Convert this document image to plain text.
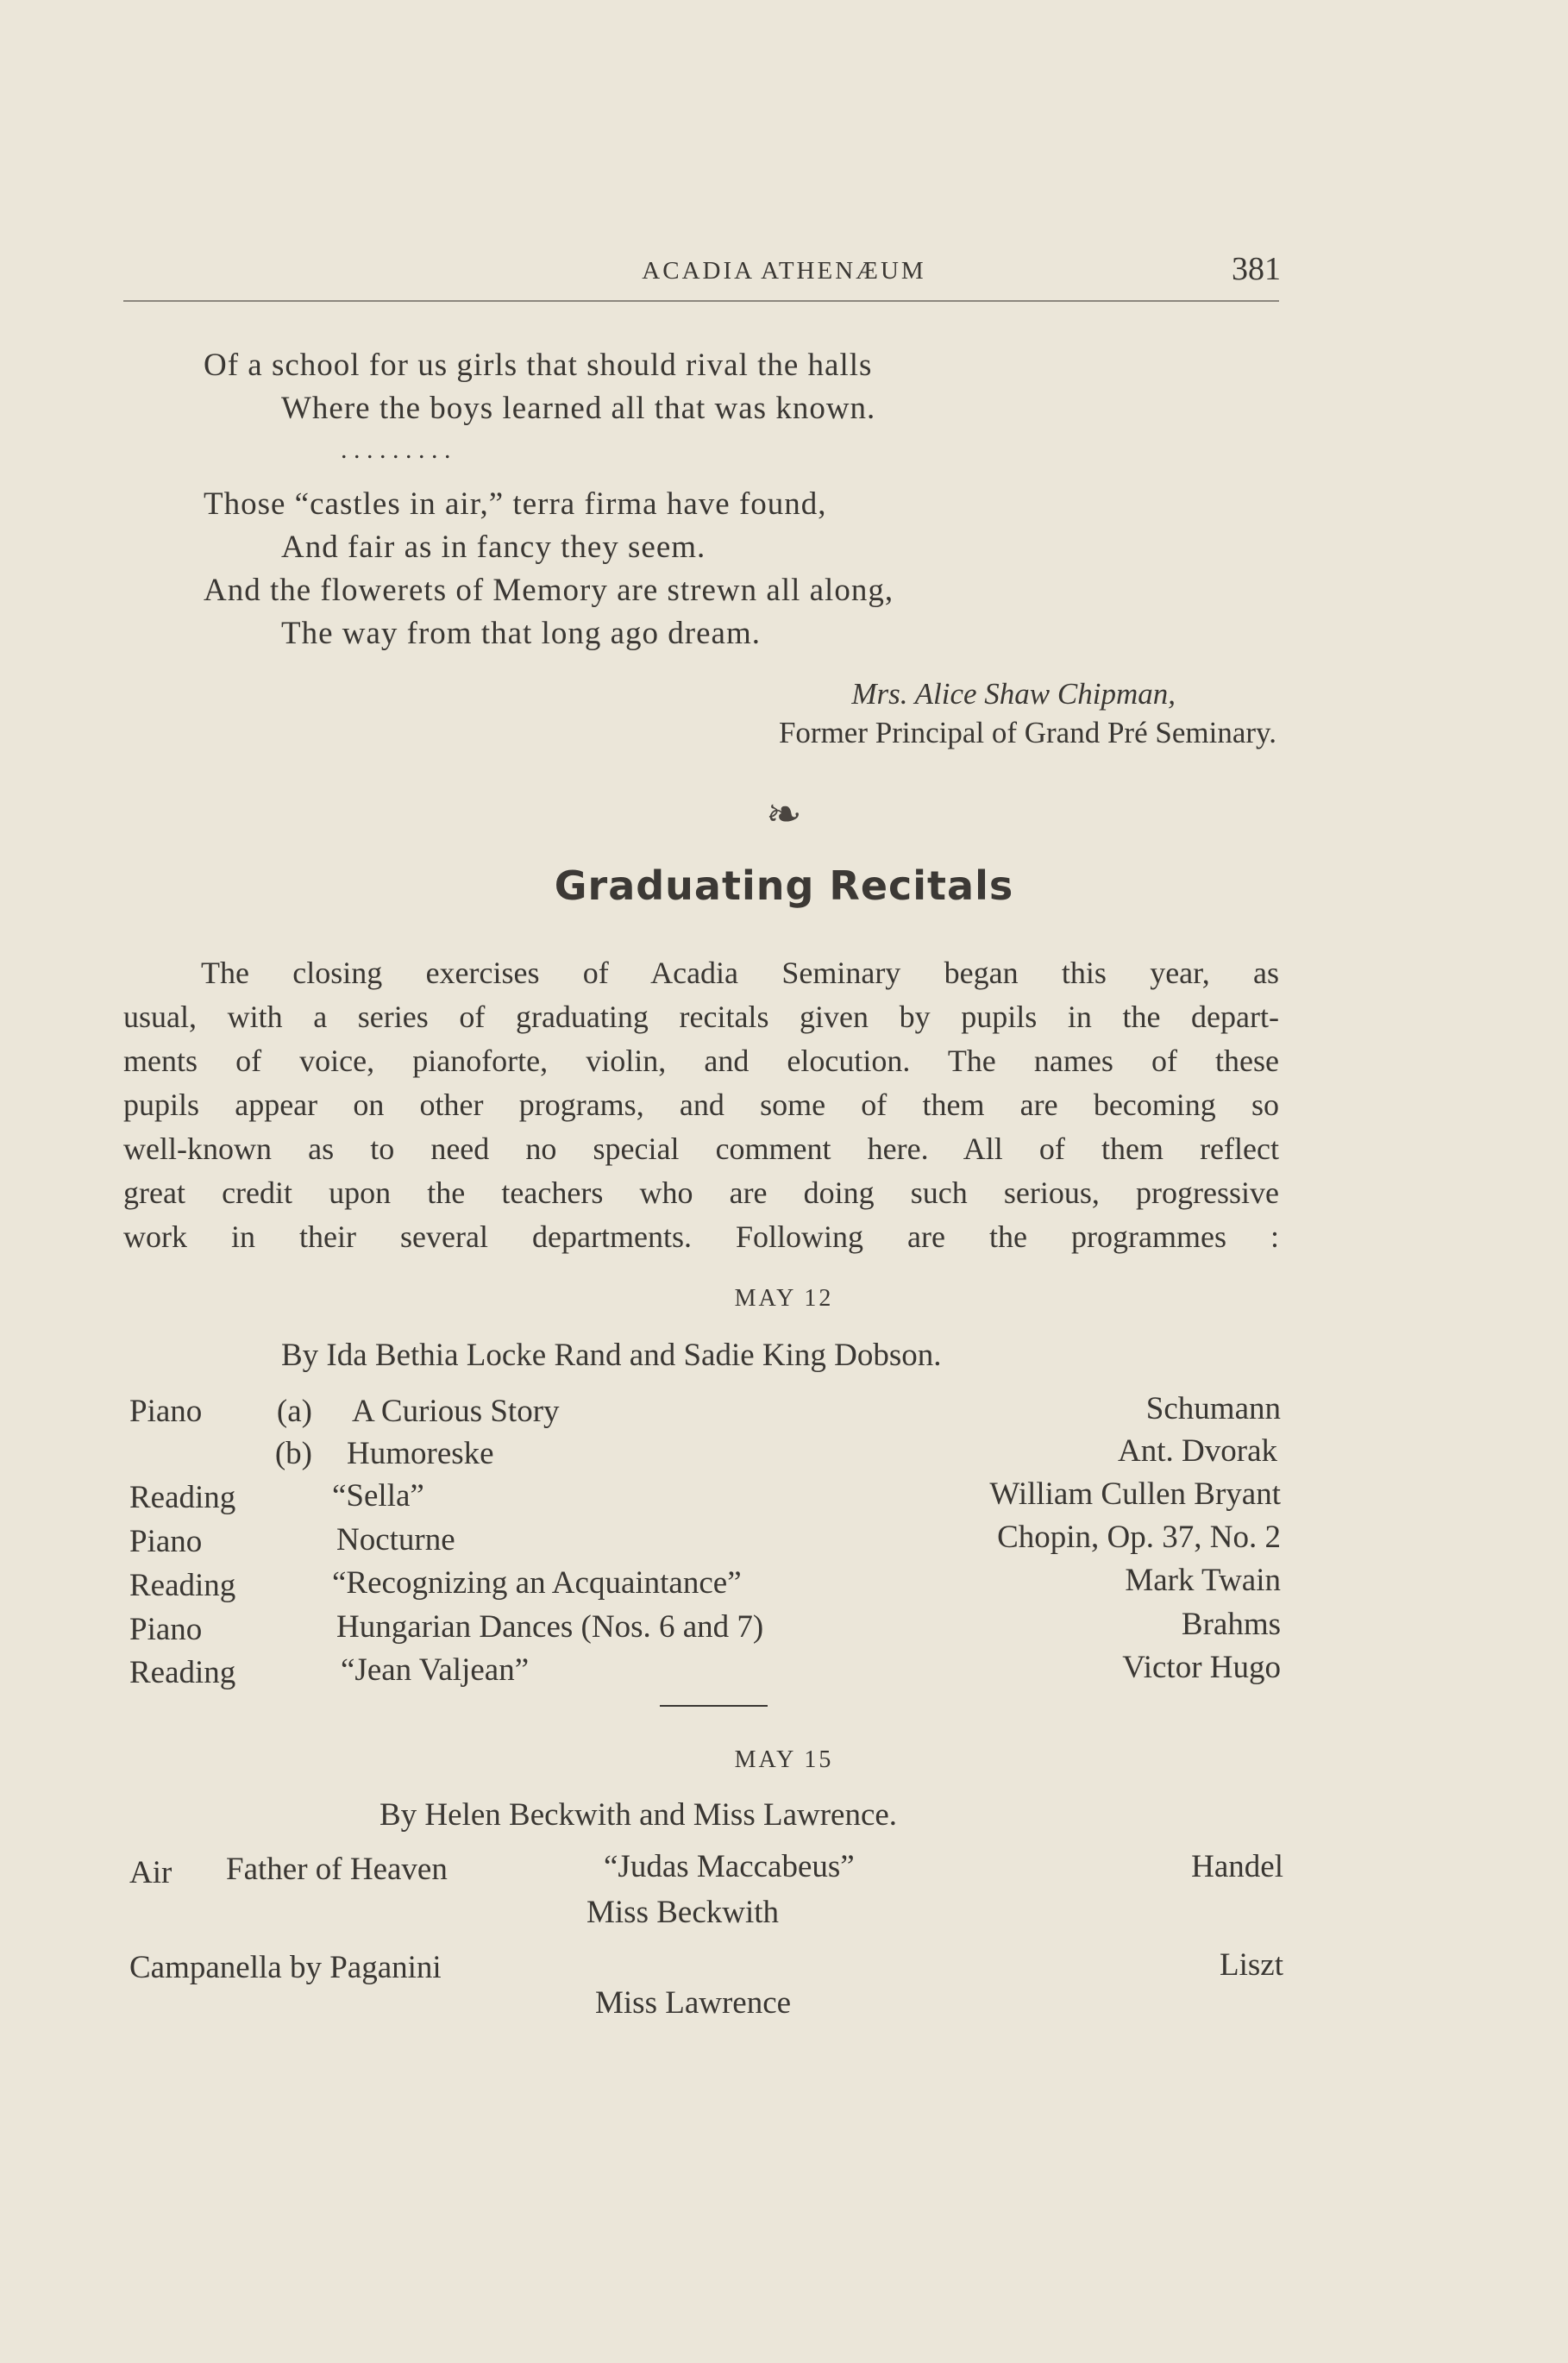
ACADIA ATHENÆUM	381
Of a school for us girls that should rival the halls
Where the boys learned all that was known.
. . . . . . . . .
Those “castles in air,” terra firma have found,
And fair as in fancy they seem.
And the flowerets of Memory are strewn all along,
The way from that long ago dream.
Mrs. Alice Shaw Chipman,
Former Principal of Grand Pré Seminary.
❧
Graduating Recitals
The closing exercises of Acadia Seminary began this year, as
usual, with a series of graduating recitals given by pupils in the depart-
ments of voice, pianoforte, violin, and elocution. The names of these
pupils appear on other programs, and some of them are becoming so
well-known as to need no special comment here. All of them reflect
great credit upon the teachers who are doing such serious, progressive
work in their several departments. Following are the programmes :
MAY 12
By Ida Bethia Locke Rand and Sadie King Dobson.
Piano	(a) A Curious Story	Schumann
(b) Humoreske	Ant. Dvorak
Reading	“Sella”	William Cullen Bryant
Piano	Nocturne	Chopin, Op. 37, No. 2
Reading	“Recognizing an Acquaintance”	Mark Twain
Piano	Hungarian Dances (Nos. 6 and 7)	Brahms
Reading	“Jean Valjean”	Victor Hugo
MAY 15
By Helen Beckwith and Miss Lawrence.
Air Father of Heaven	“Judas Maccabeus”	Handel
Miss Beckwith
Campanella by Paganini	Liszt
Miss Lawrence
